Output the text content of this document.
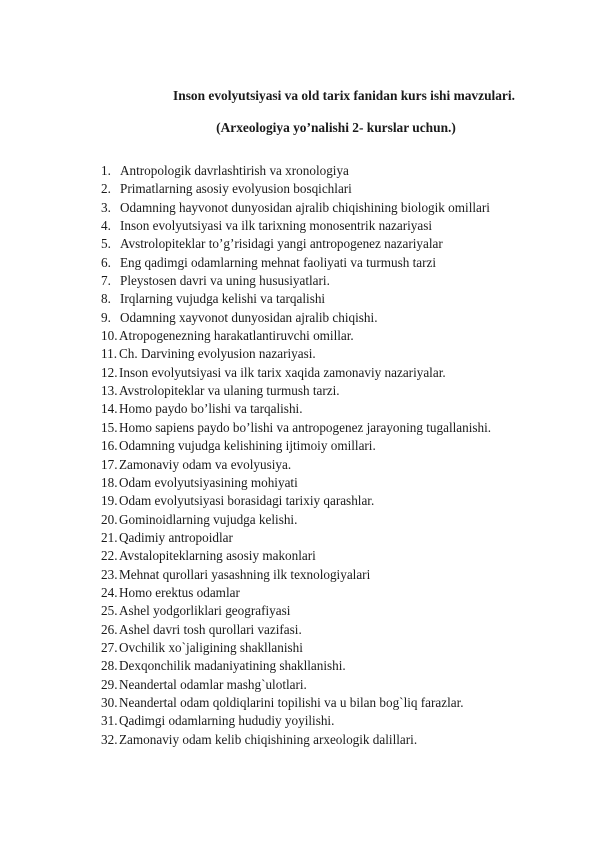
Inson evolyutsiyasi va old tarix fanidan kurs ishi mavzulari.
(Arxeologiya yo’nalishi 2- kurslar uchun.)
1. Antropologik davrlashtirish va xronologiya
2. Primatlarning asosiy evolyusion bosqichlari
3. Odamning hayvonot dunyosidan ajralib chiqishining biologik omillari
4. Inson evolyutsiyasi va ilk tarixning monosentrik nazariyasi
5. Avstrolopiteklar to’g’risidagi yangi antropogenez nazariyalar
6. Eng qadimgi odamlarning mehnat faoliyati va turmush tarzi
7. Pleystosen davri va uning hususiyatlari.
8. Irqlarning vujudga kelishi va tarqalishi
9. Odamning xayvonot dunyosidan ajralib chiqishi.
10. Atropogenezning harakatlantiruvchi omillar.
11. Ch. Darvining evolyusion nazariyasi.
12. Inson evolyutsiyasi va ilk tarix xaqida zamonaviy nazariyalar.
13. Avstrolopiteklar va ulaning turmush tarzi.
14. Homo paydo bo’lishi va tarqalishi.
15. Homo sapiens paydo bo’lishi va antropogenez jarayoning tugallanishi.
16. Odamning vujudga kelishining ijtimoiy omillari.
17. Zamonaviy odam va evolyusiya.
18. Odam evolyutsiyasining mohiyati
19. Odam evolyutsiyasi borasidagi tarixiy qarashlar.
20. Gominoidlarning vujudga kelishi.
21. Qadimiy antropoidlar
22. Avstalopiteklarning asosiy makonlari
23. Mehnat qurollari yasashning ilk texnologiyalari
24. Homo erektus odamlar
25. Ashel yodgorliklari geografiyasi
26. Ashel davri tosh qurollari vazifasi.
27. Ovchilik xo`jaligining shakllanishi
28. Dexqonchilik madaniyatining shakllanishi.
29. Neandertal odamlar mashg`ulotlari.
30. Neandertal odam qoldiqlarini topilishi va u bilan bog`liq farazlar.
31. Qadimgi odamlarning hududiy yoyilishi.
32. Zamonaviy odam kelib chiqishining arxeologik dalillari.
